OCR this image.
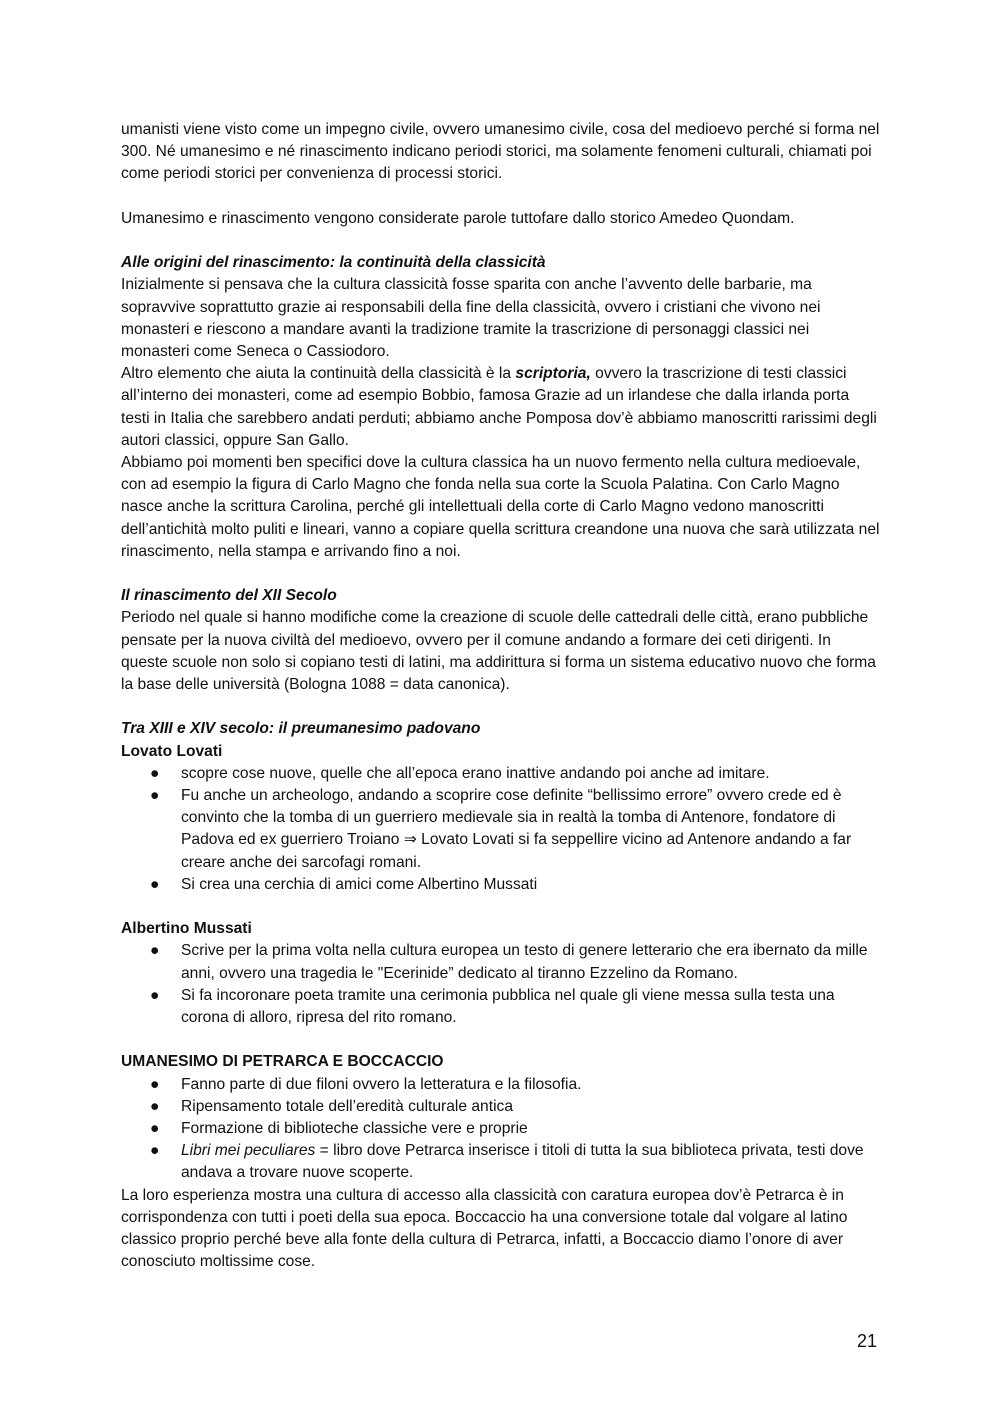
umanisti viene visto come un impegno civile, ovvero umanesimo civile, cosa del medioevo perché si forma nel 300. Né umanesimo e né rinascimento indicano periodi storici, ma solamente fenomeni culturali, chiamati poi come periodi storici per convenienza di processi storici.

Umanesimo e rinascimento vengono considerate parole tuttofare dallo storico Amedeo Quondam.

Alle origini del rinascimento: la continuità della classicità

Inizialmente si pensava che la cultura classicità fosse sparita con anche l’avvento delle barbarie, ma sopravvive soprattutto grazie ai responsabili della fine della classicità, ovvero i cristiani che vivono nei monasteri e riescono a mandare avanti la tradizione tramite la trascrizione di personaggi classici nei monasteri come Seneca o Cassiodoro.

Altro elemento che aiuta la continuità della classicità è la scriptoria, ovvero la trascrizione di testi classici all’interno dei monasteri, come ad esempio Bobbio, famosa Grazie ad un irlandese che dalla irlanda porta testi in Italia che sarebbero andati perduti; abbiamo anche Pomposa dov’è abbiamo manoscritti rarissimi degli autori classici, oppure San Gallo.

Abbiamo poi momenti ben specifici dove la cultura classica ha un nuovo fermento nella cultura medioevale, con ad esempio la figura di Carlo Magno che fonda nella sua corte la Scuola Palatina. Con Carlo Magno nasce anche la scrittura Carolina, perché gli intellettuali della corte di Carlo Magno vedono manoscritti dell’antichità molto puliti e lineari, vanno a copiare quella scrittura creandone una nuova che sarà utilizzata nel rinascimento, nella stampa e arrivando fino a noi.

Il rinascimento del XII Secolo

Periodo nel quale si hanno modifiche come la creazione di scuole delle cattedrali delle città, erano pubbliche pensate per la nuova civiltà del medioevo, ovvero per il comune andando a formare dei ceti dirigenti. In queste scuole non solo si copiano testi di latini, ma addirittura si forma un sistema educativo nuovo che forma la base delle università (Bologna 1088 = data canonica).

Tra XIII e XIV secolo: il preumanesimo padovano

Lovato Lovati

● scopre cose nuove, quelle che all’epoca erano inattive andando poi anche ad imitare.
● Fu anche un archeologo, andando a scoprire cose definite “bellissimo errore” ovvero crede ed è convinto che la tomba di un guerriero medievale sia in realtà la tomba di Antenore, fondatore di Padova ed ex guerriero Troiano ⇒ Lovato Lovati si fa seppellire vicino ad Antenore andando a far creare anche dei sarcofagi romani.
● Si crea una cerchia di amici come Albertino Mussati

Albertino Mussati

● Scrive per la prima volta nella cultura europea un testo di genere letterario che era ibernato da mille anni, ovvero una tragedia le "Ecerinide” dedicato al tiranno Ezzelino da Romano.
● Si fa incoronare poeta tramite una cerimonia pubblica nel quale gli viene messa sulla testa una corona di alloro, ripresa del rito romano.

UMANESIMO DI PETRARCA E BOCCACCIO

● Fanno parte di due filoni ovvero la letteratura e la filosofia.
● Ripensamento totale dell’eredità culturale antica
● Formazione di biblioteche classiche vere e proprie
● Libri mei peculiares = libro dove Petrarca inserisce i titoli di tutta la sua biblioteca privata, testi dove andava a trovare nuove scoperte.

La loro esperienza mostra una cultura di accesso alla classicità con caratura europea dov’è Petrarca è in corrispondenza con tutti i poeti della sua epoca. Boccaccio ha una conversione totale dal volgare al latino classico proprio perché beve alla fonte della cultura di Petrarca, infatti, a Boccaccio diamo l’onore di aver conosciuto moltissime cose.

21
